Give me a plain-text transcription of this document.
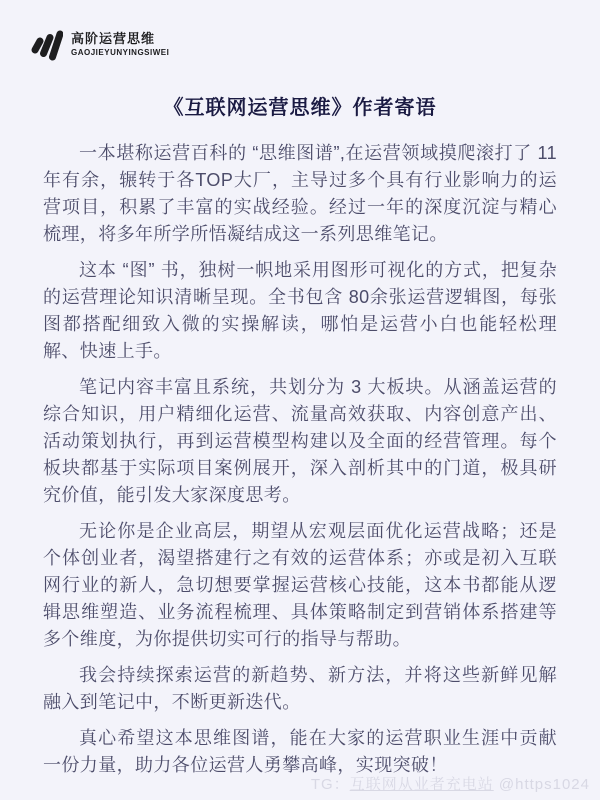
高阶运营思维
GAOJIEYUNYINGSIWEI
《互联网运营思维》作者寄语

一本堪称运营百科的 “思维图谱”,在运营领域摸爬滚打了 11年有余，辗转于各TOP大厂，主导过多个具有行业影响力的运营项目，积累了丰富的实战经验。经过一年的深度沉淀与精心梳理，将多年所学所悟凝结成这一系列思维笔记。

这本 “图” 书，独树一帜地采用图形可视化的方式，把复杂的运营理论知识清晰呈现。全书包含 80余张运营逻辑图，每张图都搭配细致入微的实操解读，哪怕是运营小白也能轻松理解、快速上手。

笔记内容丰富且系统，共划分为 3 大板块。从涵盖运营的综合知识，用户精细化运营、流量高效获取、内容创意产出、活动策划执行，再到运营模型构建以及全面的经营管理。每个板块都基于实际项目案例展开，深入剖析其中的门道，极具研究价值，能引发大家深度思考。

无论你是企业高层，期望从宏观层面优化运营战略；还是个体创业者，渴望搭建行之有效的运营体系；亦或是初入互联网行业的新人，急切想要掌握运营核心技能，这本书都能从逻辑思维塑造、业务流程梳理、具体策略制定到营销体系搭建等多个维度，为你提供切实可行的指导与帮助。

我会持续探索运营的新趋势、新方法，并将这些新鲜见解融入到笔记中，不断更新迭代。

真心希望这本思维图谱，能在大家的运营职业生涯中贡献一份力量，助力各位运营人勇攀高峰，实现突破！

TG：互联网从业者充电站 @https1024
